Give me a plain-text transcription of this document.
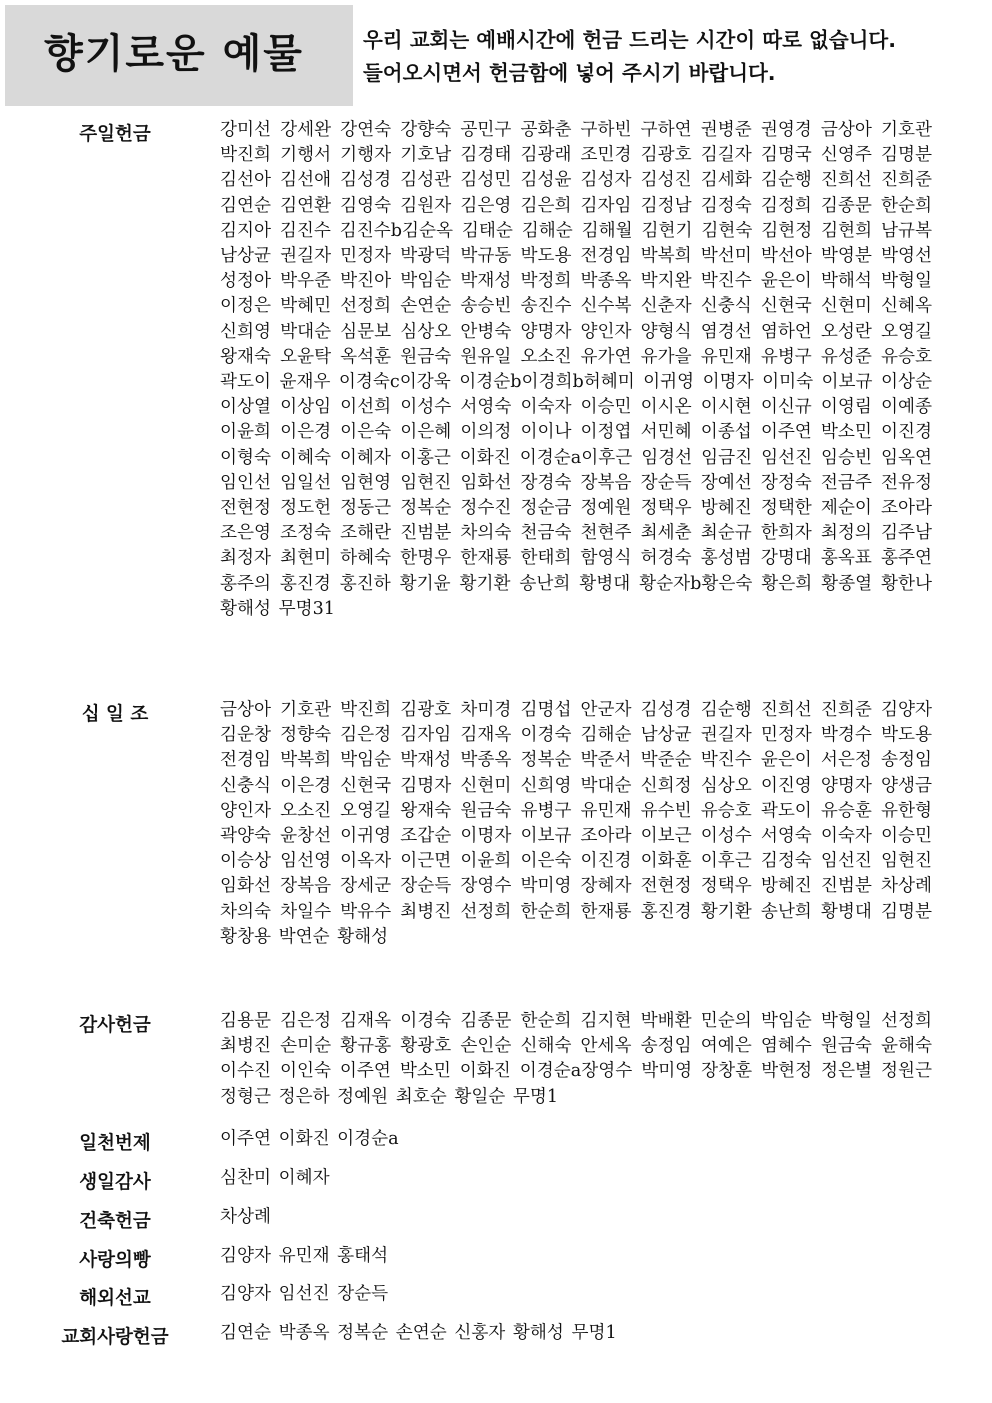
향기로운 예물	우리 교회는 예배시간에 헌금 드리는 시간이 따로 없습니다.
들어오시면서 헌금함에 넣어 주시기 바랍니다.
주일헌금	강미선 강세완 강연숙 강향숙 공민구 공화춘 구하빈 구하연 권병준 권영경 금상아 기호관 박진희 기행서 기행자 기호남 김경태 김광래 조민경 김광호 김길자 김명국 신영주 김명분 김선아 김선애 김성경 김성관 김성민 김성윤 김성자 김성진 김세화 김순행 진희선 진희준 김연순 김연환 김영숙 김원자 김은영 김은희 김자임 김정남 김정숙 김정희 김종문 한순희 김지아 김진수 김진수b김순옥 김태순 김해순 김해월 김현기 김현숙 김현정 김현희 남규복 남상균 권길자 민정자 박광덕 박규동 박도용 전경임 박복희 박선미 박선아 박영분 박영선 성정아 박우준 박진아 박임순 박재성 박정희 박종옥 박지완 박진수 윤은이 박해석 박형일 이정은 박혜민 선정희 손연순 송승빈 송진수 신수복 신춘자 신충식 신현국 신현미 신혜옥 신희영 박대순 심문보 심상오 안병숙 양명자 양인자 양형식 염경선 염하언 오성란 오영길 왕재숙 오윤탁 옥석훈 원금숙 원유일 오소진 유가연 유가을 유민재 유병구 유성준 유승호 곽도이 윤재우 이경숙c이강욱 이경순b이경희b허혜미 이귀영 이명자 이미숙 이보규 이상순 이상열 이상임 이선희 이성수 서영숙 이숙자 이승민 이시온 이시현 이신규 이영림 이예종 이윤희 이은경 이은숙 이은혜 이의정 이이나 이정엽 서민혜 이종섭 이주연 박소민 이진경 이형숙 이혜숙 이혜자 이홍근 이화진 이경순a이후근 임경선 임금진 임선진 임승빈 임옥연 임인선 임일선 임현영 임현진 임화선 장경숙 장복음 장순득 장예선 장정숙 전금주 전유정 전현정 정도헌 정동근 정복순 정수진 정순금 정예원 정택우 방혜진 정택한 제순이 조아라 조은영 조정숙 조해란 진범분 차의숙 천금숙 천현주 최세춘 최순규 한희자 최정의 김주남 최정자 최현미 하혜숙 한명우 한재룡 한태희 함영식 허경숙 홍성범 강명대 홍옥표 홍주연 홍주의 홍진경 홍진하 황기윤 황기환 송난희 황병대 황순자b황은숙 황은희 황종열 황한나 황해성 무명31
십 일 조	금상아 기호관 박진희 김광호 차미경 김명섭 안군자 김성경 김순행 진희선 진희준 김양자 김운창 정향숙 김은정 김자임 김재옥 이경숙 김해순 남상균 권길자 민정자 박경수 박도용 전경임 박복희 박임순 박재성 박종옥 정복순 박준서 박준순 박진수 윤은이 서은정 송정임 신충식 이은경 신현국 김명자 신현미 신희영 박대순 신희정 심상오 이진영 양명자 양생금 양인자 오소진 오영길 왕재숙 원금숙 유병구 유민재 유수빈 유승호 곽도이 유승훈 유한형 곽양숙 윤창선 이귀영 조갑순 이명자 이보규 조아라 이보근 이성수 서영숙 이숙자 이승민 이승상 임선영 이옥자 이근면 이윤희 이은숙 이진경 이화훈 이후근 김정숙 임선진 임현진 임화선 장복음 장세군 장순득 장영수 박미영 장혜자 전현정 정택우 방혜진 진범분 차상례 차의숙 차일수 박유수 최병진 선정희 한순희 한재룡 홍진경 황기환 송난희 황병대 김명분 황창용 박연순 황해성
감사헌금	김용문 김은정 김재옥 이경숙 김종문 한순희 김지현 박배환 민순의 박임순 박형일 선정희 최병진 손미순 황규홍 황광호 손인순 신해숙 안세옥 송정임 여예은 염혜수 원금숙 윤해숙 이수진 이인숙 이주연 박소민 이화진 이경순a장영수 박미영 장창훈 박현정 정은별 정원근 정형근 정은하 정예원 최호순 황일순 무명1
일천번제	이주연 이화진 이경순a
생일감사	심찬미 이혜자
건축헌금	차상례
사랑의빵	김양자 유민재 홍태석
해외선교	김양자 임선진 장순득
교회사랑헌금	김연순 박종옥 정복순 손연순 신홍자 황해성 무명1
